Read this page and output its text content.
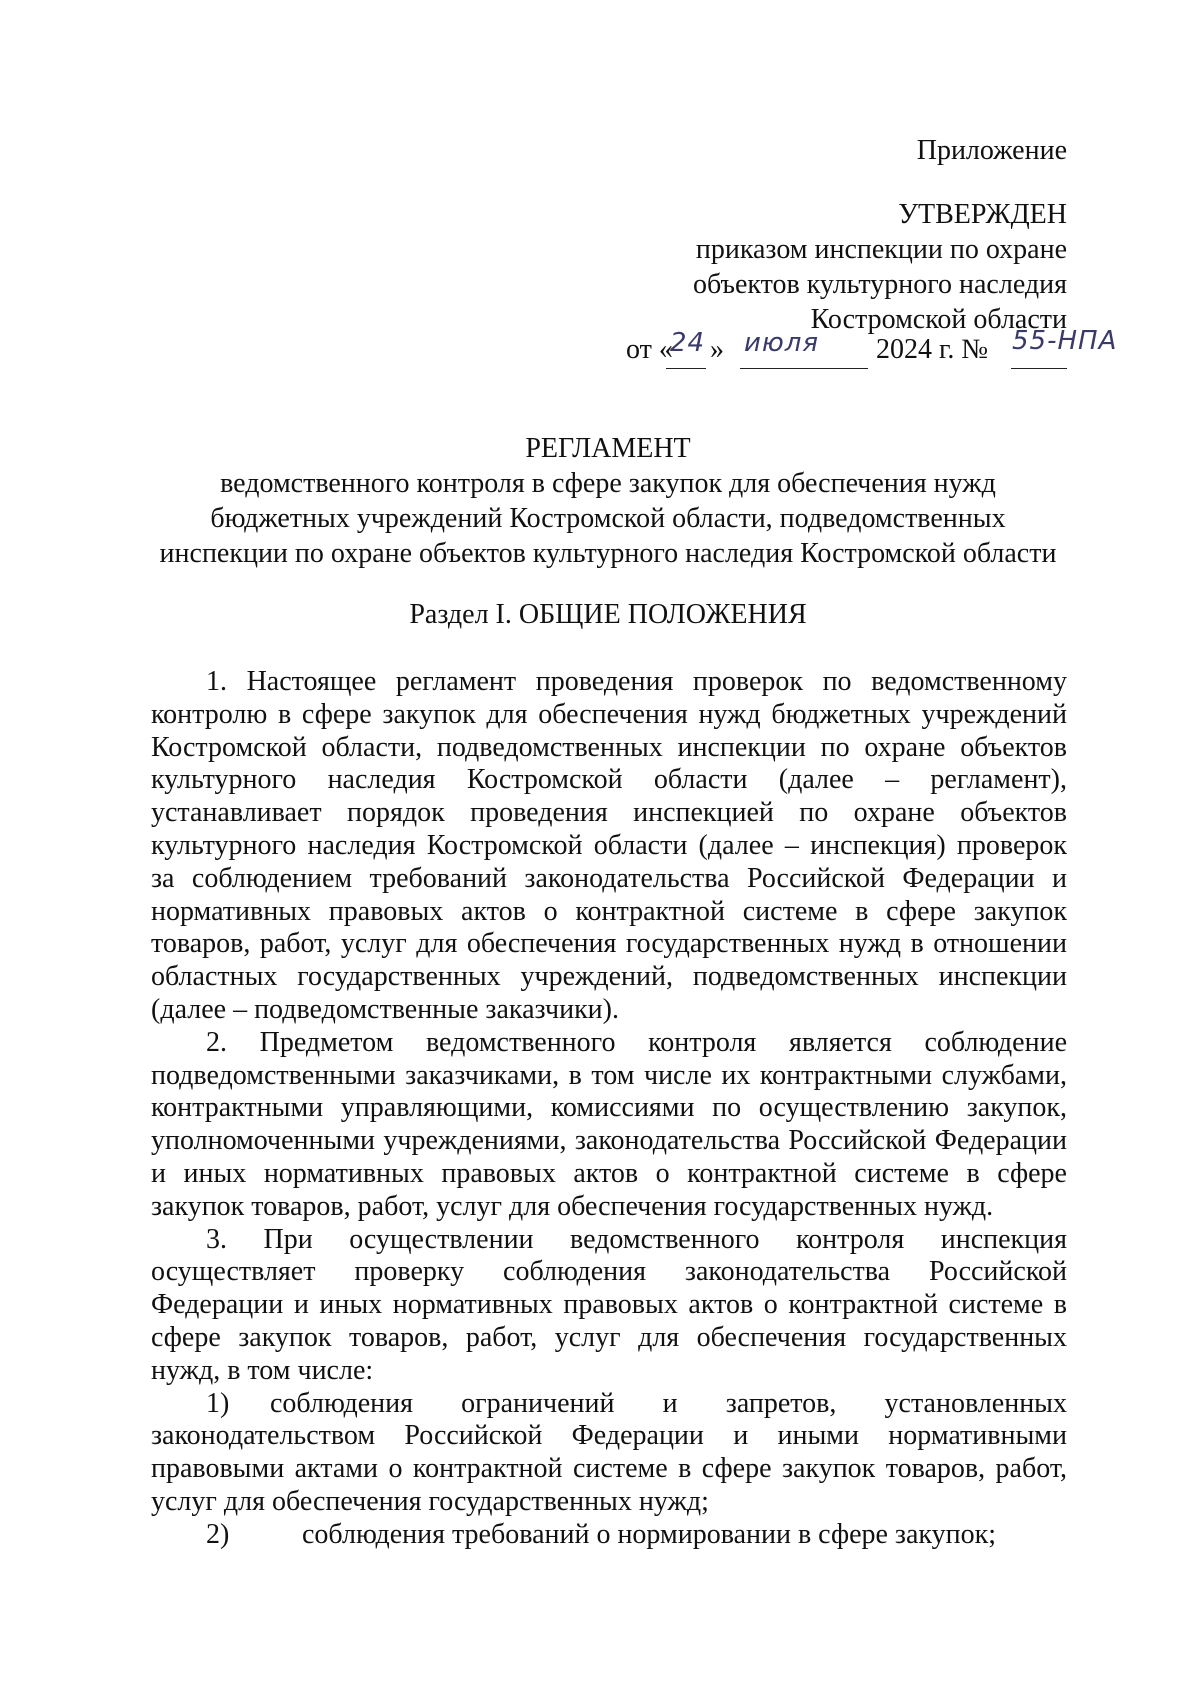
Приложение
УТВЕРЖДЕН
приказом инспекции по охране
объектов культурного наследия
Костромской области
от «
24 » июля 2024 г. № 55-НПА
РЕГЛАМЕНТ
ведомственного контроля в сфере закупок для обеспечения нужд
бюджетных учреждений Костромской области, подведомственных
инспекции по охране объектов культурного наследия Костромской области
Раздел I. ОБЩИЕ ПОЛОЖЕНИЯ

1. Настоящее регламент проведения проверок по ведомственному контролю в сфере закупок для обеспечения нужд бюджетных учреждений Костромской области, подведомственных инспекции по охране объектов культурного наследия Костромской области (далее – регламент), устанавливает порядок проведения инспекцией по охране объектов культурного наследия Костромской области (далее – инспекция) проверок за соблюдением требований законодательства Российской Федерации и нормативных правовых актов о контрактной системе в сфере закупок товаров, работ, услуг для обеспечения государственных нужд в отношении областных государственных учреждений, подведомственных инспекции (далее – подведомственные заказчики).

2. Предметом ведомственного контроля является соблюдение подведомственными заказчиками, в том числе их контрактными службами, контрактными управляющими, комиссиями по осуществлению закупок, уполномоченными учреждениями, законодательства Российской Федерации и иных нормативных правовых актов о контрактной системе в сфере закупок товаров, работ, услуг для обеспечения государственных нужд.

3. При осуществлении ведомственного контроля инспекция осуществляет проверку соблюдения законодательства Российской Федерации и иных нормативных правовых актов о контрактной системе в сфере закупок товаров, работ, услуг для обеспечения государственных нужд, в том числе:

1) соблюдения ограничений и запретов, установленных законодательством Российской Федерации и иными нормативными правовыми актами о контрактной системе в сфере закупок товаров, работ, услуг для обеспечения государственных нужд;

2)	соблюдения требований о нормировании в сфере закупок;
